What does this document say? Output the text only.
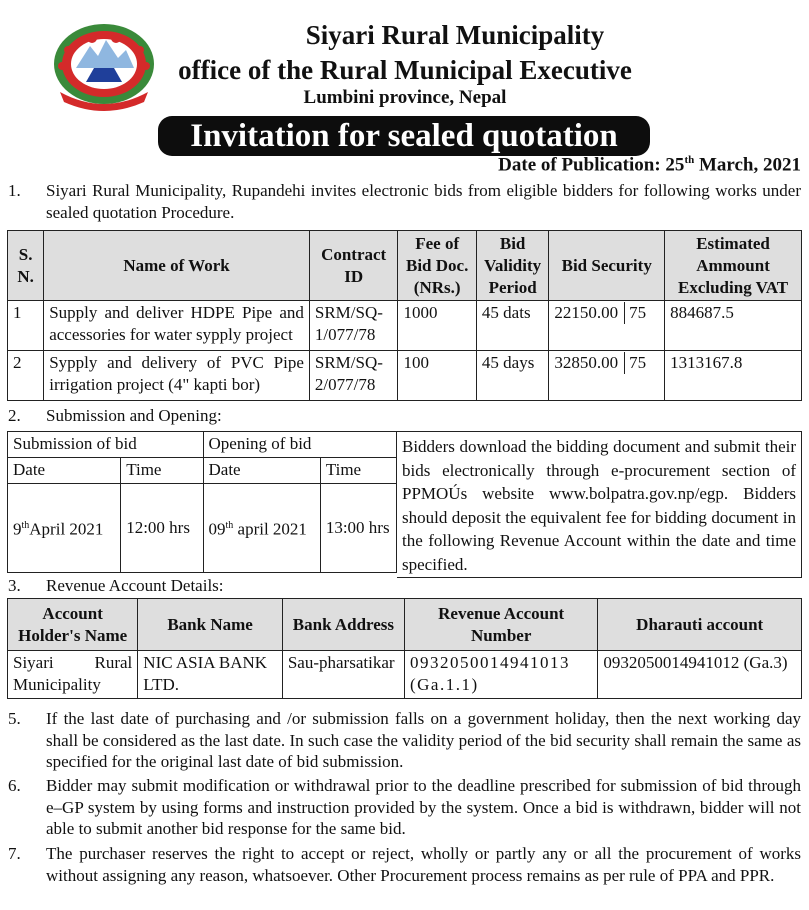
Siyari Rural Municipality
office of the Rural Municipal Executive
Lumbini province, Nepal
Invitation for sealed quotation
Date of Publication: 25th March, 2021
1. Siyari Rural Municipality, Rupandehi invites electronic bids from eligible bidders for following works under sealed quotation Procedure.
S. N.	Name of Work	Contract ID	Fee of Bid Doc. (NRs.)	Bid Validity Period	Bid Security	Estimated Ammount Excluding VAT
1	Supply and deliver HDPE Pipe and accessories for water sypply project	SRM/SQ-1/077/78	1000	45 dats	22150.00 75	884687.5
2	Sypply and delivery of PVC Pipe irrigation project (4" kapti bor)	SRM/SQ-2/077/78	100	45 days	32850.00 75	1313167.8
2. Submission and Opening:
Submission of bid		Opening of bid	
Date	Time	Date	Time
9thApril 2021	12:00 hrs	09th april 2021	13:00 hrs
Bidders download the bidding document and submit their bids electronically through e-procurement section of PPMOÚs website www.bolpatra.gov.np/egp. Bidders should deposit the equivalent fee for bidding document in the following Revenue Account within the date and time specified.
3. Revenue Account Details:
Account Holder's Name	Bank Name	Bank Address	Revenue Account Number	Dharauti account
Siyari Rural Municipality	NIC ASIA BANK LTD.	Sau-pharsatikar	0932050014941013 (Ga.1.1)	0932050014941012 (Ga.3)
5. If the last date of purchasing and /or submission falls on a government holiday, then the next working day shall be considered as the last date. In such case the validity period of the bid security shall remain the same as specified for the original last date of bid submission.
6. Bidder may submit modification or withdrawal prior to the deadline prescribed for submission of bid through e–GP system by using forms and instruction provided by the system. Once a bid is withdrawn, bidder will not able to submit another bid response for the same bid.
7. The purchaser reserves the right to accept or reject, wholly or partly any or all the procurement of works without assigning any reason, whatsoever. Other Procurement process remains as per rule of PPA and PPR.
